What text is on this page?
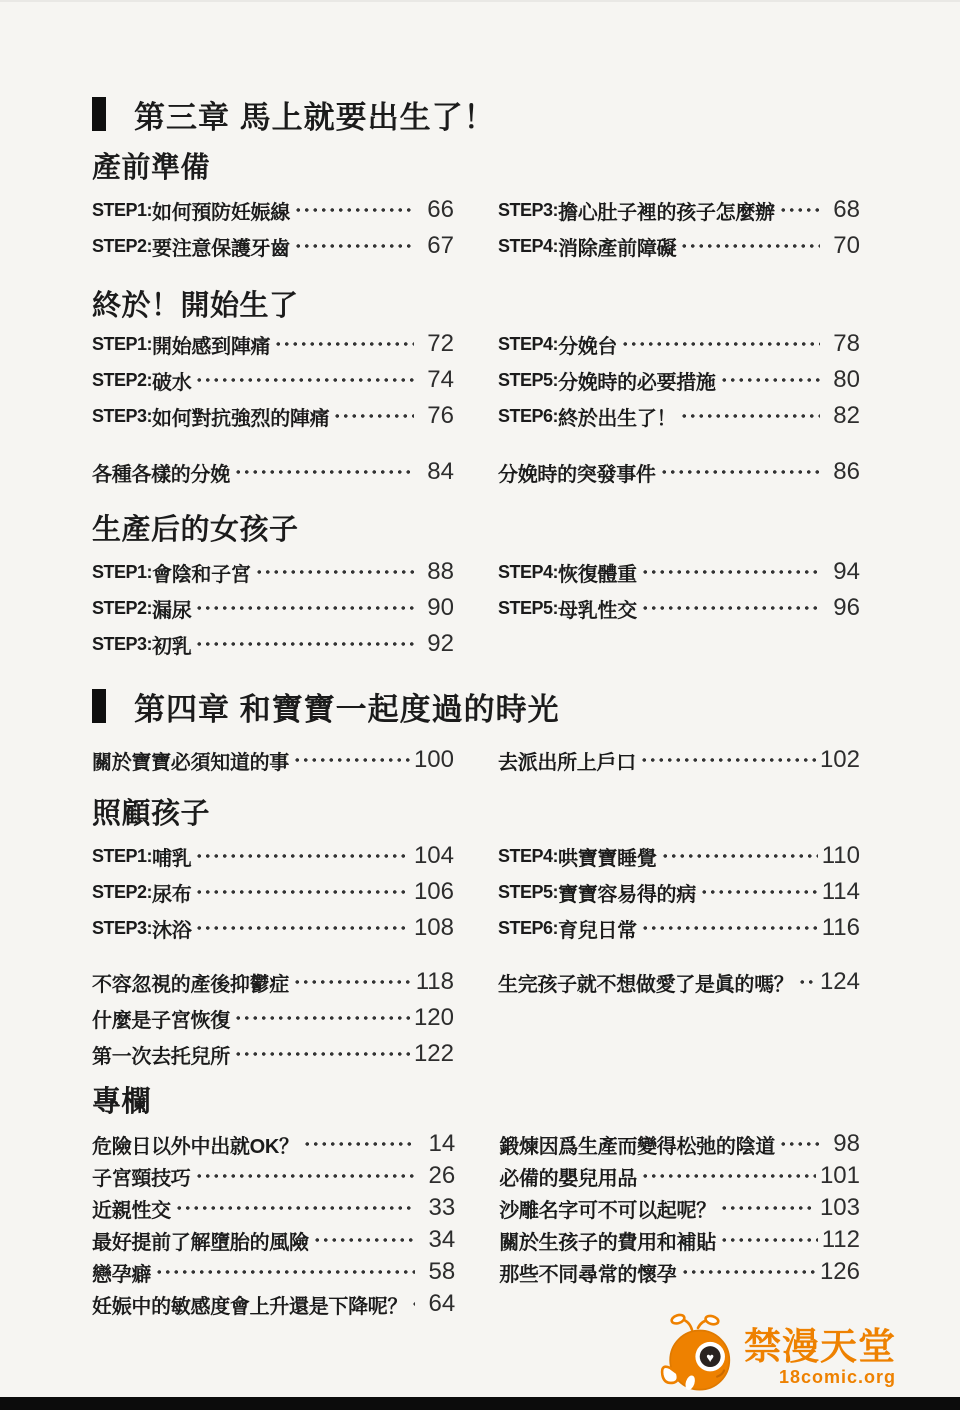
第三章 馬上就要出生了！
產前準備
STEP1: 如何預防妊娠線	66
STEP2: 要注意保護牙齒	67
STEP3: 擔心肚子裡的孩子怎麼辦	68
STEP4: 消除產前障礙	70
終於！開始生了
STEP1: 開始感到陣痛	72
STEP2: 破水	74
STEP3: 如何對抗強烈的陣痛	76
STEP4: 分娩台	78
STEP5: 分娩時的必要措施	80
STEP6: 終於出生了！	82
各種各樣的分娩	84 分娩時的突發事件	86
生產后的女孩子
STEP1: 會陰和子宮	88
STEP2: 漏尿	90
STEP3: 初乳	92
STEP4: 恢復體重	94
STEP5: 母乳性交	96
第四章 和寶寶一起度過的時光
關於寶寶必須知道的事	100 去派出所上戶口	102
照顧孩子
STEP1: 哺乳	104
STEP2: 尿布	106
STEP3: 沐浴	108
STEP4: 哄寶寶睡覺	110
STEP5: 寶寶容易得的病	114
STEP6: 育兒日常	116
不容忽視的產後抑鬱症	118
什麼是子宮恢復	120
第一次去托兒所	122
生完孩子就不想做愛了是眞的嗎？ 124
專欄
危險日以外中出就OK？	14
子宮頸技巧	26
近親性交	33
最好提前了解墮胎的風險	34
戀孕癖	58
妊娠中的敏感度會上升還是下降呢？ 64
鍛煉因爲生產而變得松弛的陰道	98
必備的嬰兒用品	101
沙雕名字可不可以起呢？	103
關於生孩子的費用和補貼	112
那些不同尋常的懷孕	126
♥ 禁漫天堂
18comic.org
